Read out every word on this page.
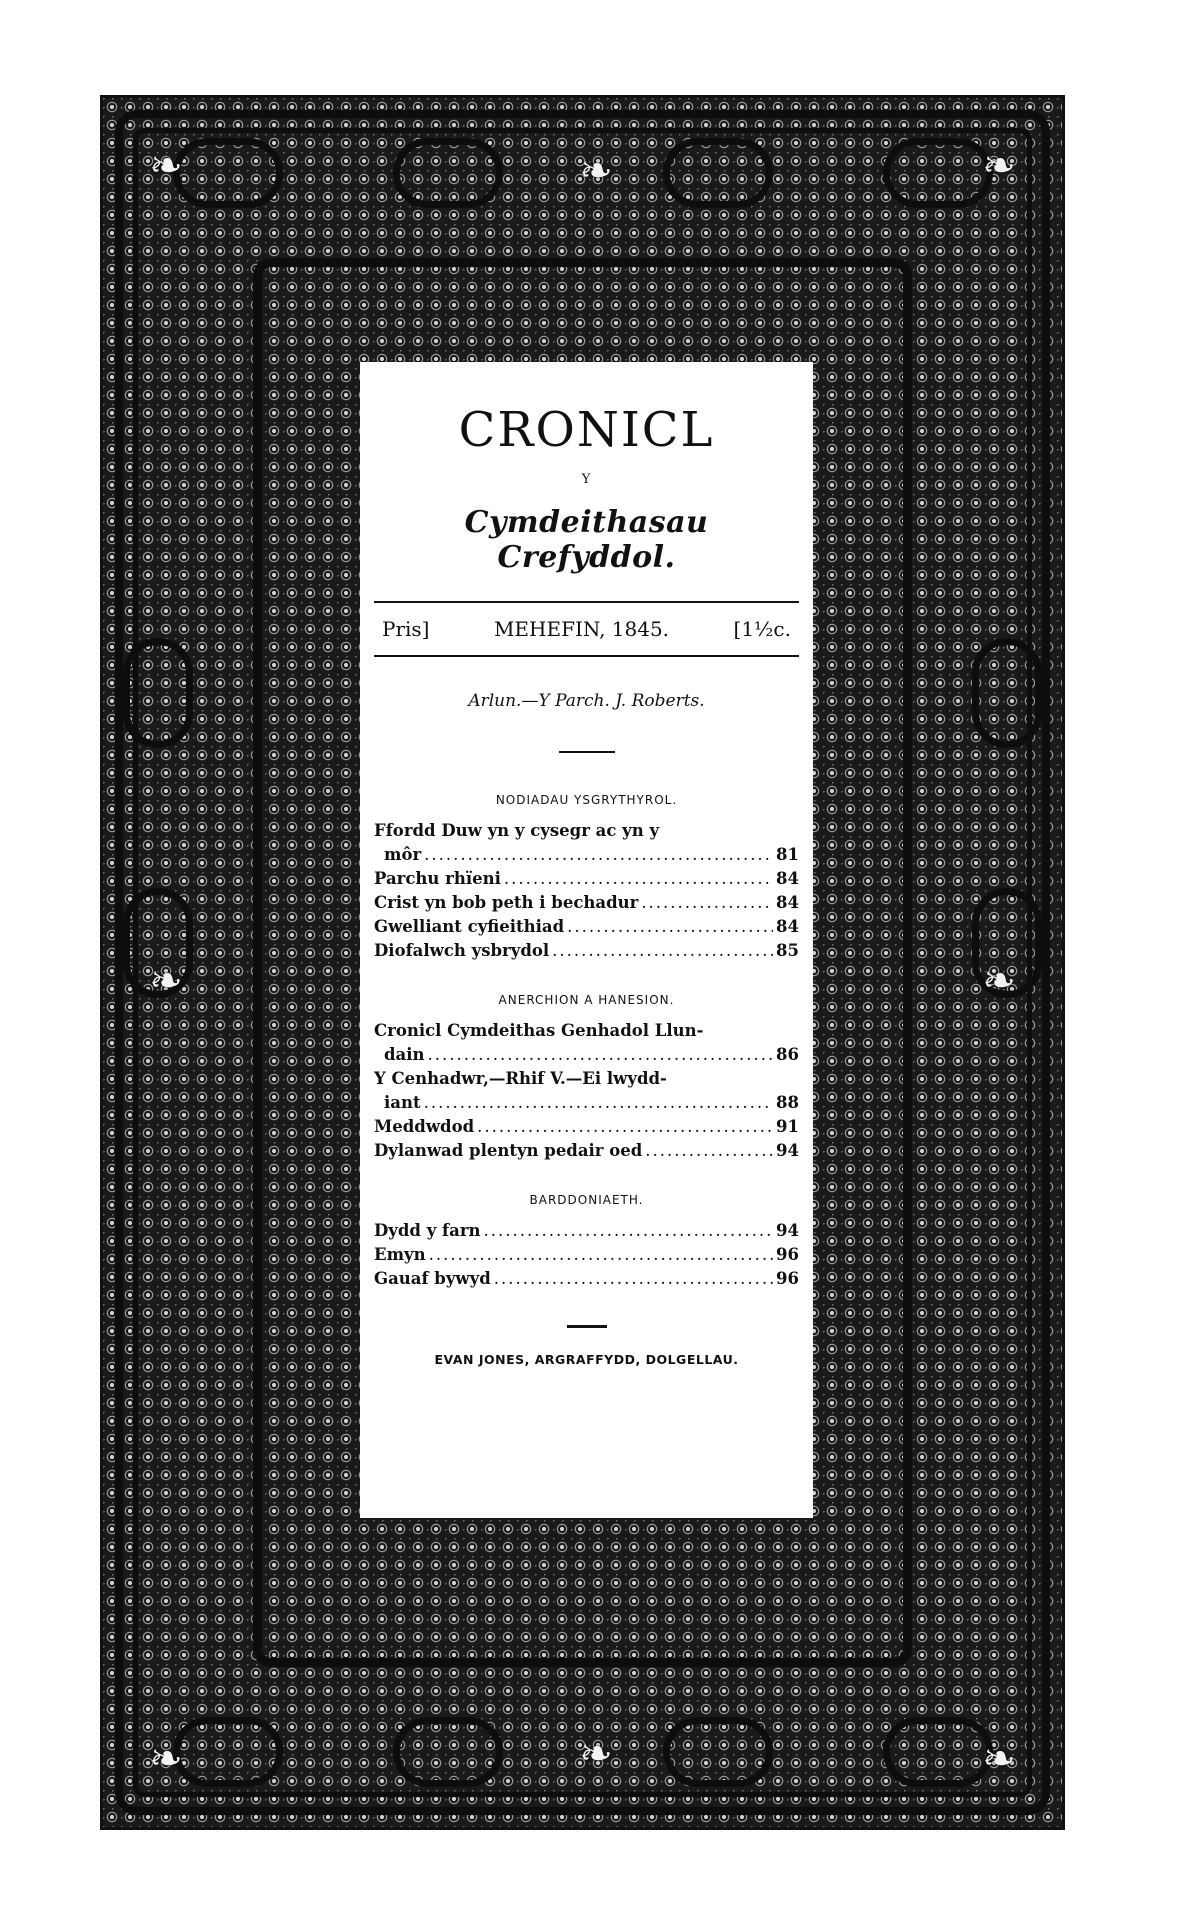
❧	❧	❧
❧	❧
❧	❧	❧
CRONICL
Y
Cymdeithasau Crefyddol.
Pris]	MEHEFIN, 1845.	[1½c.
Arlun.—Y Parch. J. Roberts.
NODIADAU YSGRYTHYROL.
Ffordd Duw yn y cysegr ac yn y
môr .....	81
Parchu rhïeni .....	84
Crist yn bob peth i bechadur .....	84
Gwelliant cyfieithiad .....	84
Diofalwch ysbrydol .....	85
ANERCHION A HANESION.
Cronicl Cymdeithas Genhadol Llun-
dain .....	86
Y Cenhadwr,—Rhif V.—Ei lwydd-
iant .....	88
Meddwdod .....	91
Dylanwad plentyn pedair oed .....	94
BARDDONIAETH.
Dydd y farn .....	94
Emyn .....	96
Gauaf bywyd .....	96
EVAN JONES, ARGRAFFYDD, DOLGELLAU.
